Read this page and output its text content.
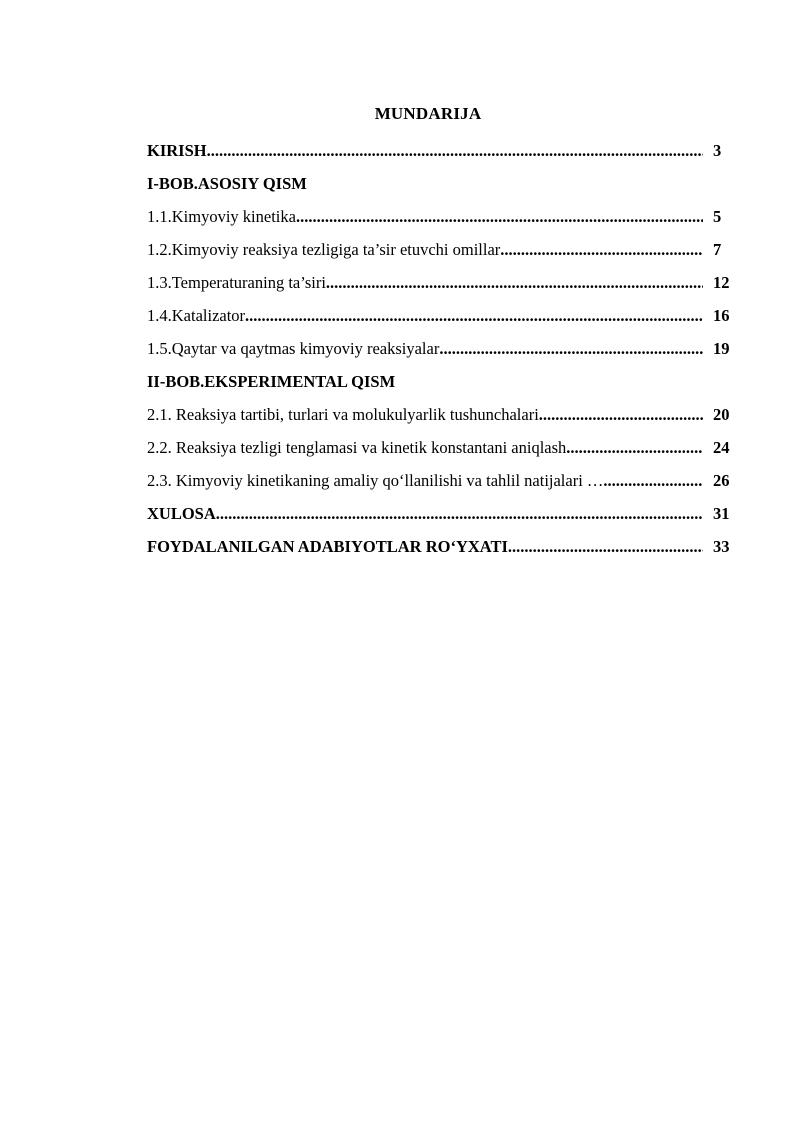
MUNDARIJA
KIRISH .....	3
I-BOB.ASOSIY QISM
1.1.Kimyoviy kinetika .....	5
1.2.Kimyoviy reaksiya tezligiga ta’sir etuvchi omillar .....	7
1.3.Temperaturaning ta’siri .....	12
1.4.Katalizator .....	16
1.5.Qaytar va qaytmas kimyoviy reaksiyalar .....	19
II-BOB.EKSPERIMENTAL QISM
2.1. Reaksiya tartibi, turlari va molukulyarlik tushunchalari .....	20
2.2. Reaksiya tezligi tenglamasi va kinetik konstantani aniqlash .....	24
2.3. Kimyoviy kinetikaning amaliy qo‘llanilishi va tahlil natijalari … .....	26
XULOSA .....	31
FOYDALANILGAN ADABIYOTLAR RO‘YXATI .....	33
